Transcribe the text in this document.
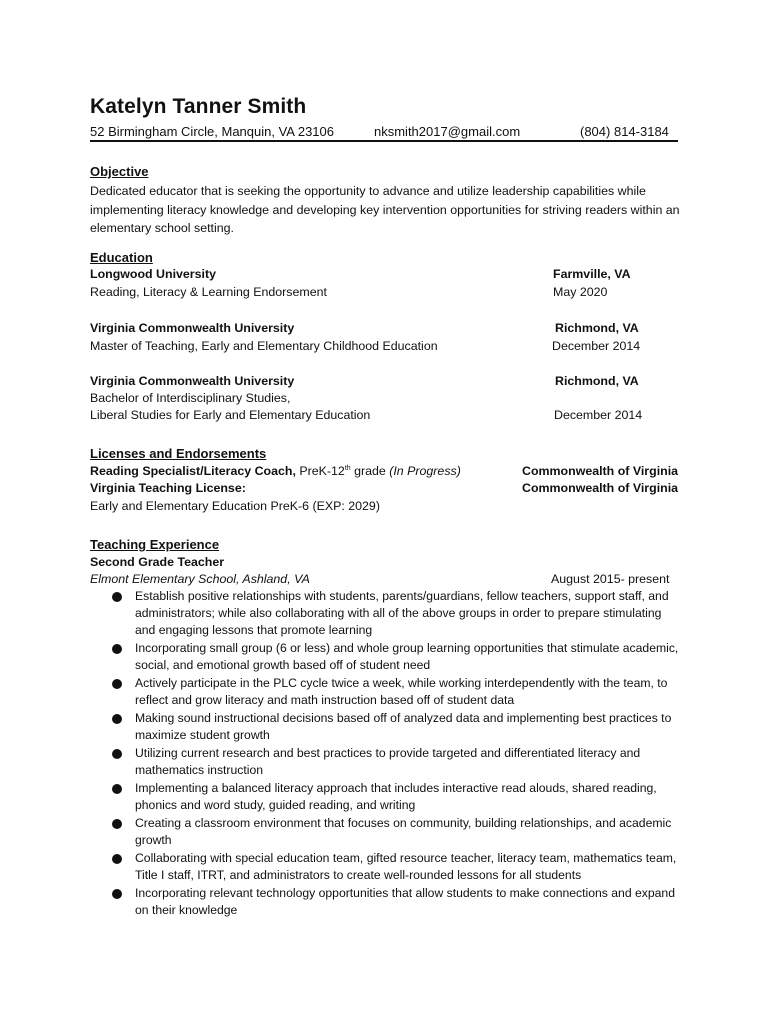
Katelyn Tanner Smith
52 Birmingham Circle, Manquin, VA 23106	nksmith2017@gmail.com	(804) 814-3184
Objective
Dedicated educator that is seeking the opportunity to advance and utilize leadership capabilities while implementing literacy knowledge and developing key intervention opportunities for striving readers within an elementary school setting.
Education
Longwood University	Farmville, VA
Reading, Literacy & Learning Endorsement	May 2020
Virginia Commonwealth University	Richmond, VA
Master of Teaching, Early and Elementary Childhood Education	December 2014
Virginia Commonwealth University	Richmond, VA
Bachelor of Interdisciplinary Studies,
Liberal Studies for Early and Elementary Education	December 2014
Licenses and Endorsements
Reading Specialist/Literacy Coach, PreK-12th grade (In Progress)	Commonwealth of Virginia
Virginia Teaching License:	Commonwealth of Virginia
Early and Elementary Education PreK-6 (EXP: 2029)
Teaching Experience
Second Grade Teacher
Elmont Elementary School, Ashland, VA	August 2015- present
Establish positive relationships with students, parents/guardians, fellow teachers, support staff, and administrators; while also collaborating with all of the above groups in order to prepare stimulating and engaging lessons that promote learning
Incorporating small group (6 or less) and whole group learning opportunities that stimulate academic, social, and emotional growth based off of student need
Actively participate in the PLC cycle twice a week, while working interdependently with the team, to reflect and grow literacy and math instruction based off of student data
Making sound instructional decisions based off of analyzed data and implementing best practices to maximize student growth
Utilizing current research and best practices to provide targeted and differentiated literacy and mathematics instruction
Implementing a balanced literacy approach that includes interactive read alouds, shared reading, phonics and word study, guided reading, and writing
Creating a classroom environment that focuses on community, building relationships, and academic growth
Collaborating with special education team, gifted resource teacher, literacy team, mathematics team, Title I staff, ITRT, and administrators to create well-rounded lessons for all students
Incorporating relevant technology opportunities that allow students to make connections and expand on their knowledge
